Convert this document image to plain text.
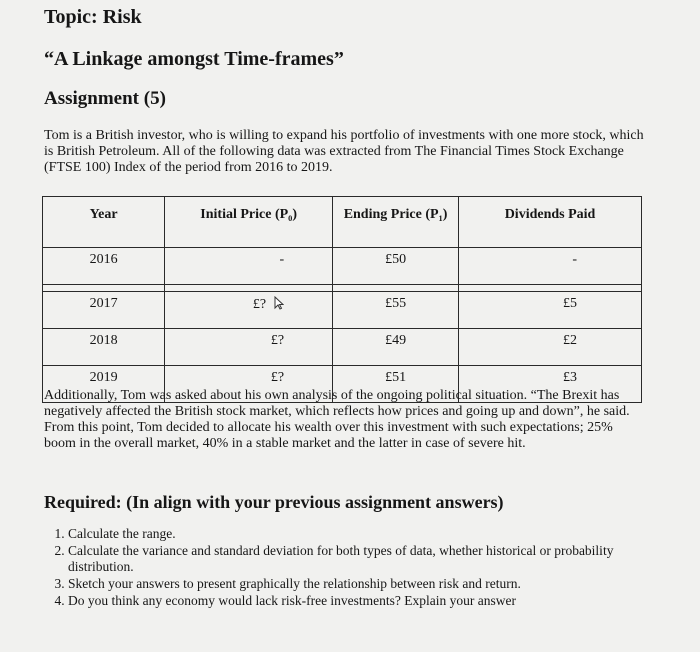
Topic: Risk
“A Linkage amongst Time-frames”
Assignment (5)
Tom is a British investor, who is willing to expand his portfolio of investments with one more stock, which is British Petroleum. All of the following data was extracted from The Financial Times Stock Exchange (FTSE 100) Index of the period from 2016 to 2019.
Year	Initial Price (P₀)	Ending Price (P₁)	Dividends Paid
2016	-	£50	-

2017	£?	£55	£5
2018	£?	£49	£2
2019	£?	£51	£3
Additionally, Tom was asked about his own analysis of the ongoing political situation. “The Brexit has negatively affected the British stock market, which reflects how prices and going up and down”, he said. From this point, Tom decided to allocate his wealth over this investment with such expectations; 25% boom in the overall market, 40% in a stable market and the latter in case of severe hit.
Required: (In align with your previous assignment answers)
1. Calculate the range.
2. Calculate the variance and standard deviation for both types of data, whether historical or probability distribution.
3. Sketch your answers to present graphically the relationship between risk and return.
4. Do you think any economy would lack risk-free investments? Explain your answer
